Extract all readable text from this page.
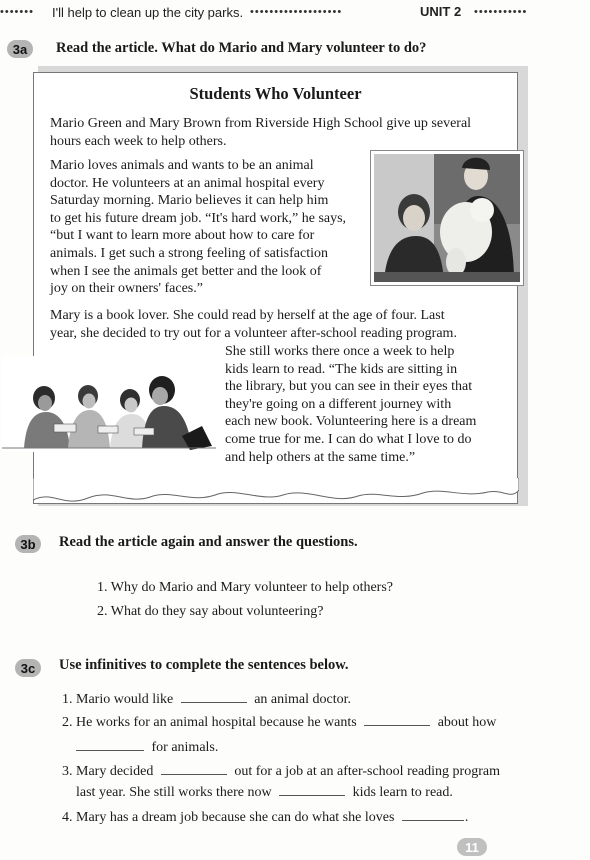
••••••• I'll help to clean up the city parks. •••••••••••••••••••	UNIT 2 •••••••••••
3a	Read the article. What do Mario and Mary volunteer to do?
Students Who Volunteer
Mario Green and Mary Brown from Riverside High School give up several
hours each week to help others.
Mario loves animals and wants to be an animal
doctor. He volunteers at an animal hospital every
Saturday morning. Mario believes it can help him
to get his future dream job. “It's hard work,” he says,
“but I want to learn more about how to care for
animals. I get such a strong feeling of satisfaction
when I see the animals get better and the look of
joy on their owners' faces.”
Mary is a book lover. She could read by herself at the age of four. Last
year, she decided to try out for a volunteer after-school reading program.
She still works there once a week to help
kids learn to read. “The kids are sitting in
the library, but you can see in their eyes that
they're going on a different journey with
each new book. Volunteering here is a dream
come true for me. I can do what I love to do
and help others at the same time.”
3b	Read the article again and answer the questions.
1. Why do Mario and Mary volunteer to help others?
2. What do they say about volunteering?
3c	Use infinitives to complete the sentences below.
1. Mario would like	an animal doctor.
2. He works for an animal hospital because he wants	about how
for animals.
3. Mary decided	out for a job at an after-school reading program
last year. She still works there now	kids learn to read.
4. Mary has a dream job because she can do what she loves	.
11
